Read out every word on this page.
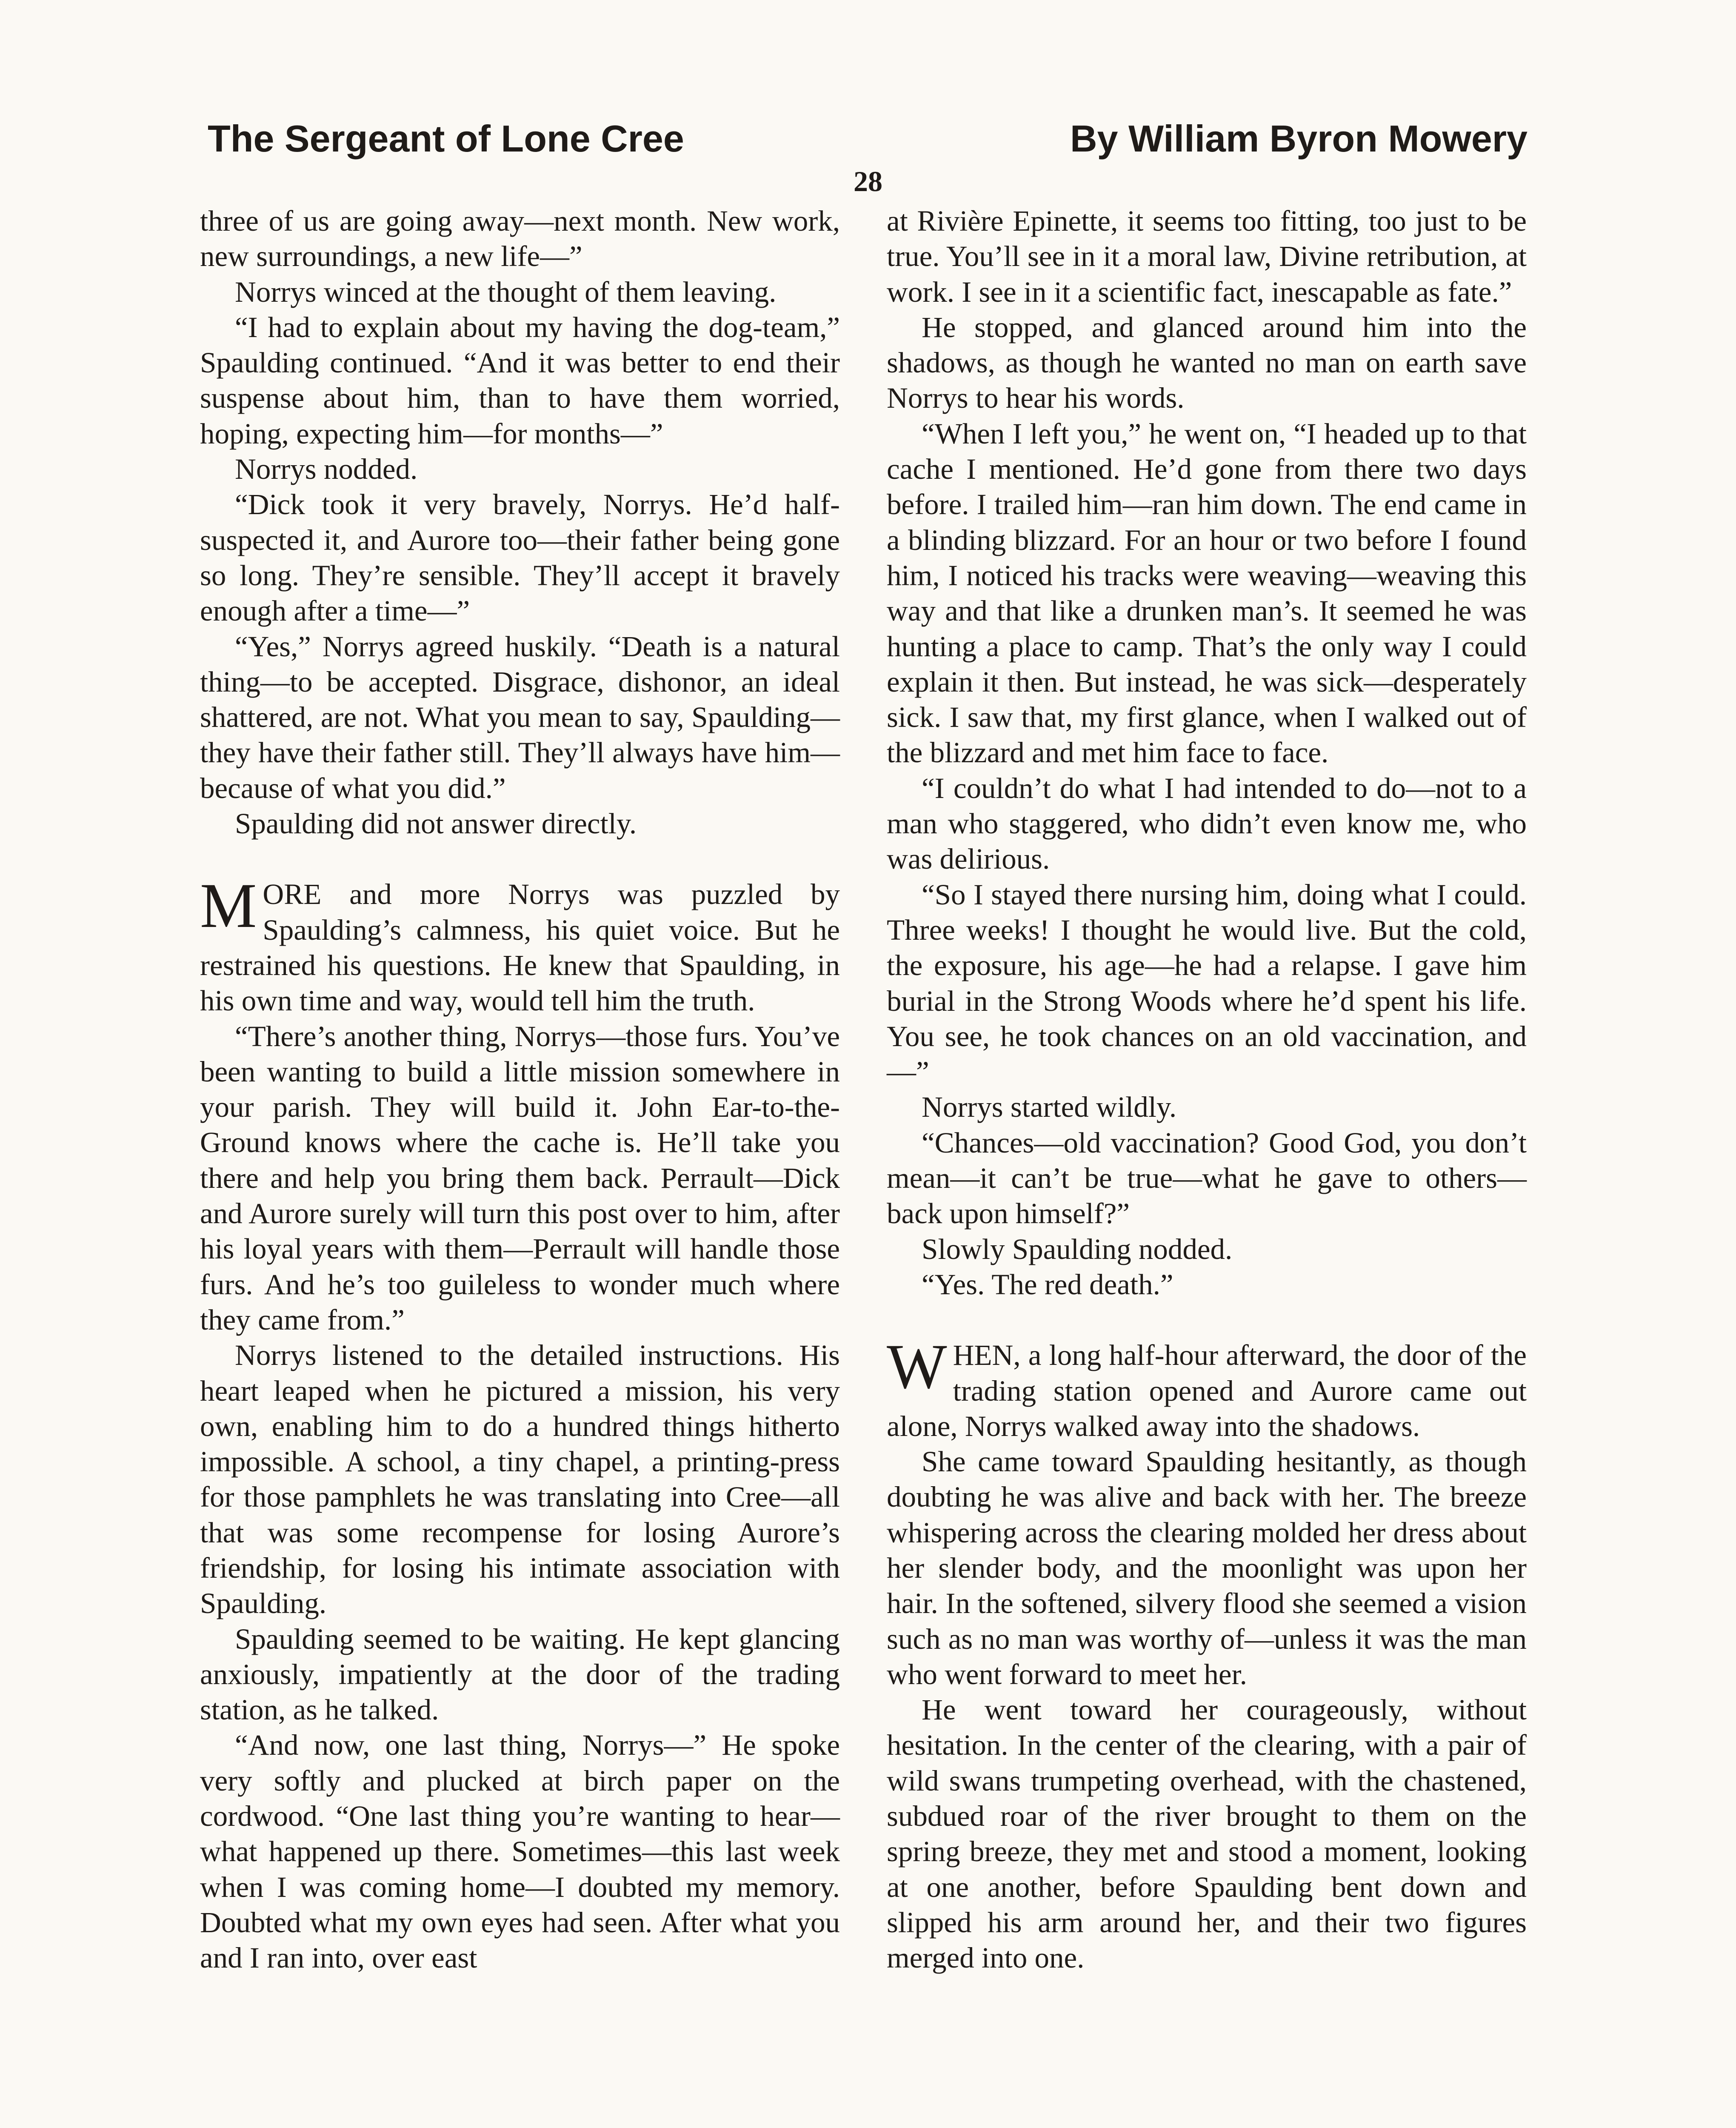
The Sergeant of Lone Cree	By William Byron Mowery
28

three of us are going away—next month. New work, new surroundings, a new life—”

Norrys winced at the thought of them leaving.

“I had to explain about my having the dog-team,” Spaulding continued. “And it was better to end their suspense about him, than to have them worried, hoping, expecting him—for months—”

Norrys nodded.

“Dick took it very bravely, Norrys. He’d half-suspected it, and Aurore too—their father being gone so long. They’re sensible. They’ll accept it bravely enough after a time—”

“Yes,” Norrys agreed huskily. “Death is a natural thing—to be accepted. Disgrace, dishonor, an ideal shattered, are not. What you mean to say, Spaulding—they have their father still. They’ll always have him—because of what you did.”

Spaulding did not answer directly.

M ORE and more Norrys was puzzled by Spaulding’s calmness, his quiet voice. But he restrained his questions. He knew that Spaulding, in his own time and way, would tell him the truth.

“There’s another thing, Norrys—those furs. You’ve been wanting to build a little mission somewhere in your parish. They will build it. John Ear-to-the-Ground knows where the cache is. He’ll take you there and help you bring them back. Perrault—Dick and Aurore surely will turn this post over to him, after his loyal years with them—Perrault will handle those furs. And he’s too guileless to wonder much where they came from.”

Norrys listened to the detailed instructions. His heart leaped when he pictured a mission, his very own, enabling him to do a hundred things hitherto impossible. A school, a tiny chapel, a printing-press for those pamphlets he was translating into Cree—all that was some recompense for losing Aurore’s friendship, for losing his intimate association with Spaulding.

Spaulding seemed to be waiting. He kept glancing anxiously, impatiently at the door of the trading station, as he talked.

“And now, one last thing, Norrys—” He spoke very softly and plucked at birch paper on the cordwood. “One last thing you’re wanting to hear—what happened up there. Sometimes—this last week when I was coming home—I doubted my memory. Doubted what my own eyes had seen. After what you and I ran into, over east

at Rivière Epinette, it seems too fitting, too just to be true. You’ll see in it a moral law, Divine retribution, at work. I see in it a scientific fact, inescapable as fate.”

He stopped, and glanced around him into the shadows, as though he wanted no man on earth save Norrys to hear his words.

“When I left you,” he went on, “I headed up to that cache I mentioned. He’d gone from there two days before. I trailed him—ran him down. The end came in a blinding blizzard. For an hour or two before I found him, I noticed his tracks were weaving—weaving this way and that like a drunken man’s. It seemed he was hunting a place to camp. That’s the only way I could explain it then. But instead, he was sick—desperately sick. I saw that, my first glance, when I walked out of the blizzard and met him face to face.

“I couldn’t do what I had intended to do—not to a man who staggered, who didn’t even know me, who was delirious.

“So I stayed there nursing him, doing what I could. Three weeks! I thought he would live. But the cold, the exposure, his age—he had a relapse. I gave him burial in the Strong Woods where he’d spent his life. You see, he took chances on an old vaccination, and—”

Norrys started wildly.

“Chances—old vaccination? Good God, you don’t mean—it can’t be true—what he gave to others—back upon himself?”

Slowly Spaulding nodded.

“Yes. The red death.”

W HEN, a long half-hour afterward, the door of the trading station opened and Aurore came out alone, Norrys walked away into the shadows.

She came toward Spaulding hesitantly, as though doubting he was alive and back with her. The breeze whispering across the clearing molded her dress about her slender body, and the moonlight was upon her hair. In the softened, silvery flood she seemed a vision such as no man was worthy of—unless it was the man who went forward to meet her.

He went toward her courageously, without hesitation. In the center of the clearing, with a pair of wild swans trumpeting overhead, with the chastened, subdued roar of the river brought to them on the spring breeze, they met and stood a moment, looking at one another, before Spaulding bent down and slipped his arm around her, and their two figures merged into one.
